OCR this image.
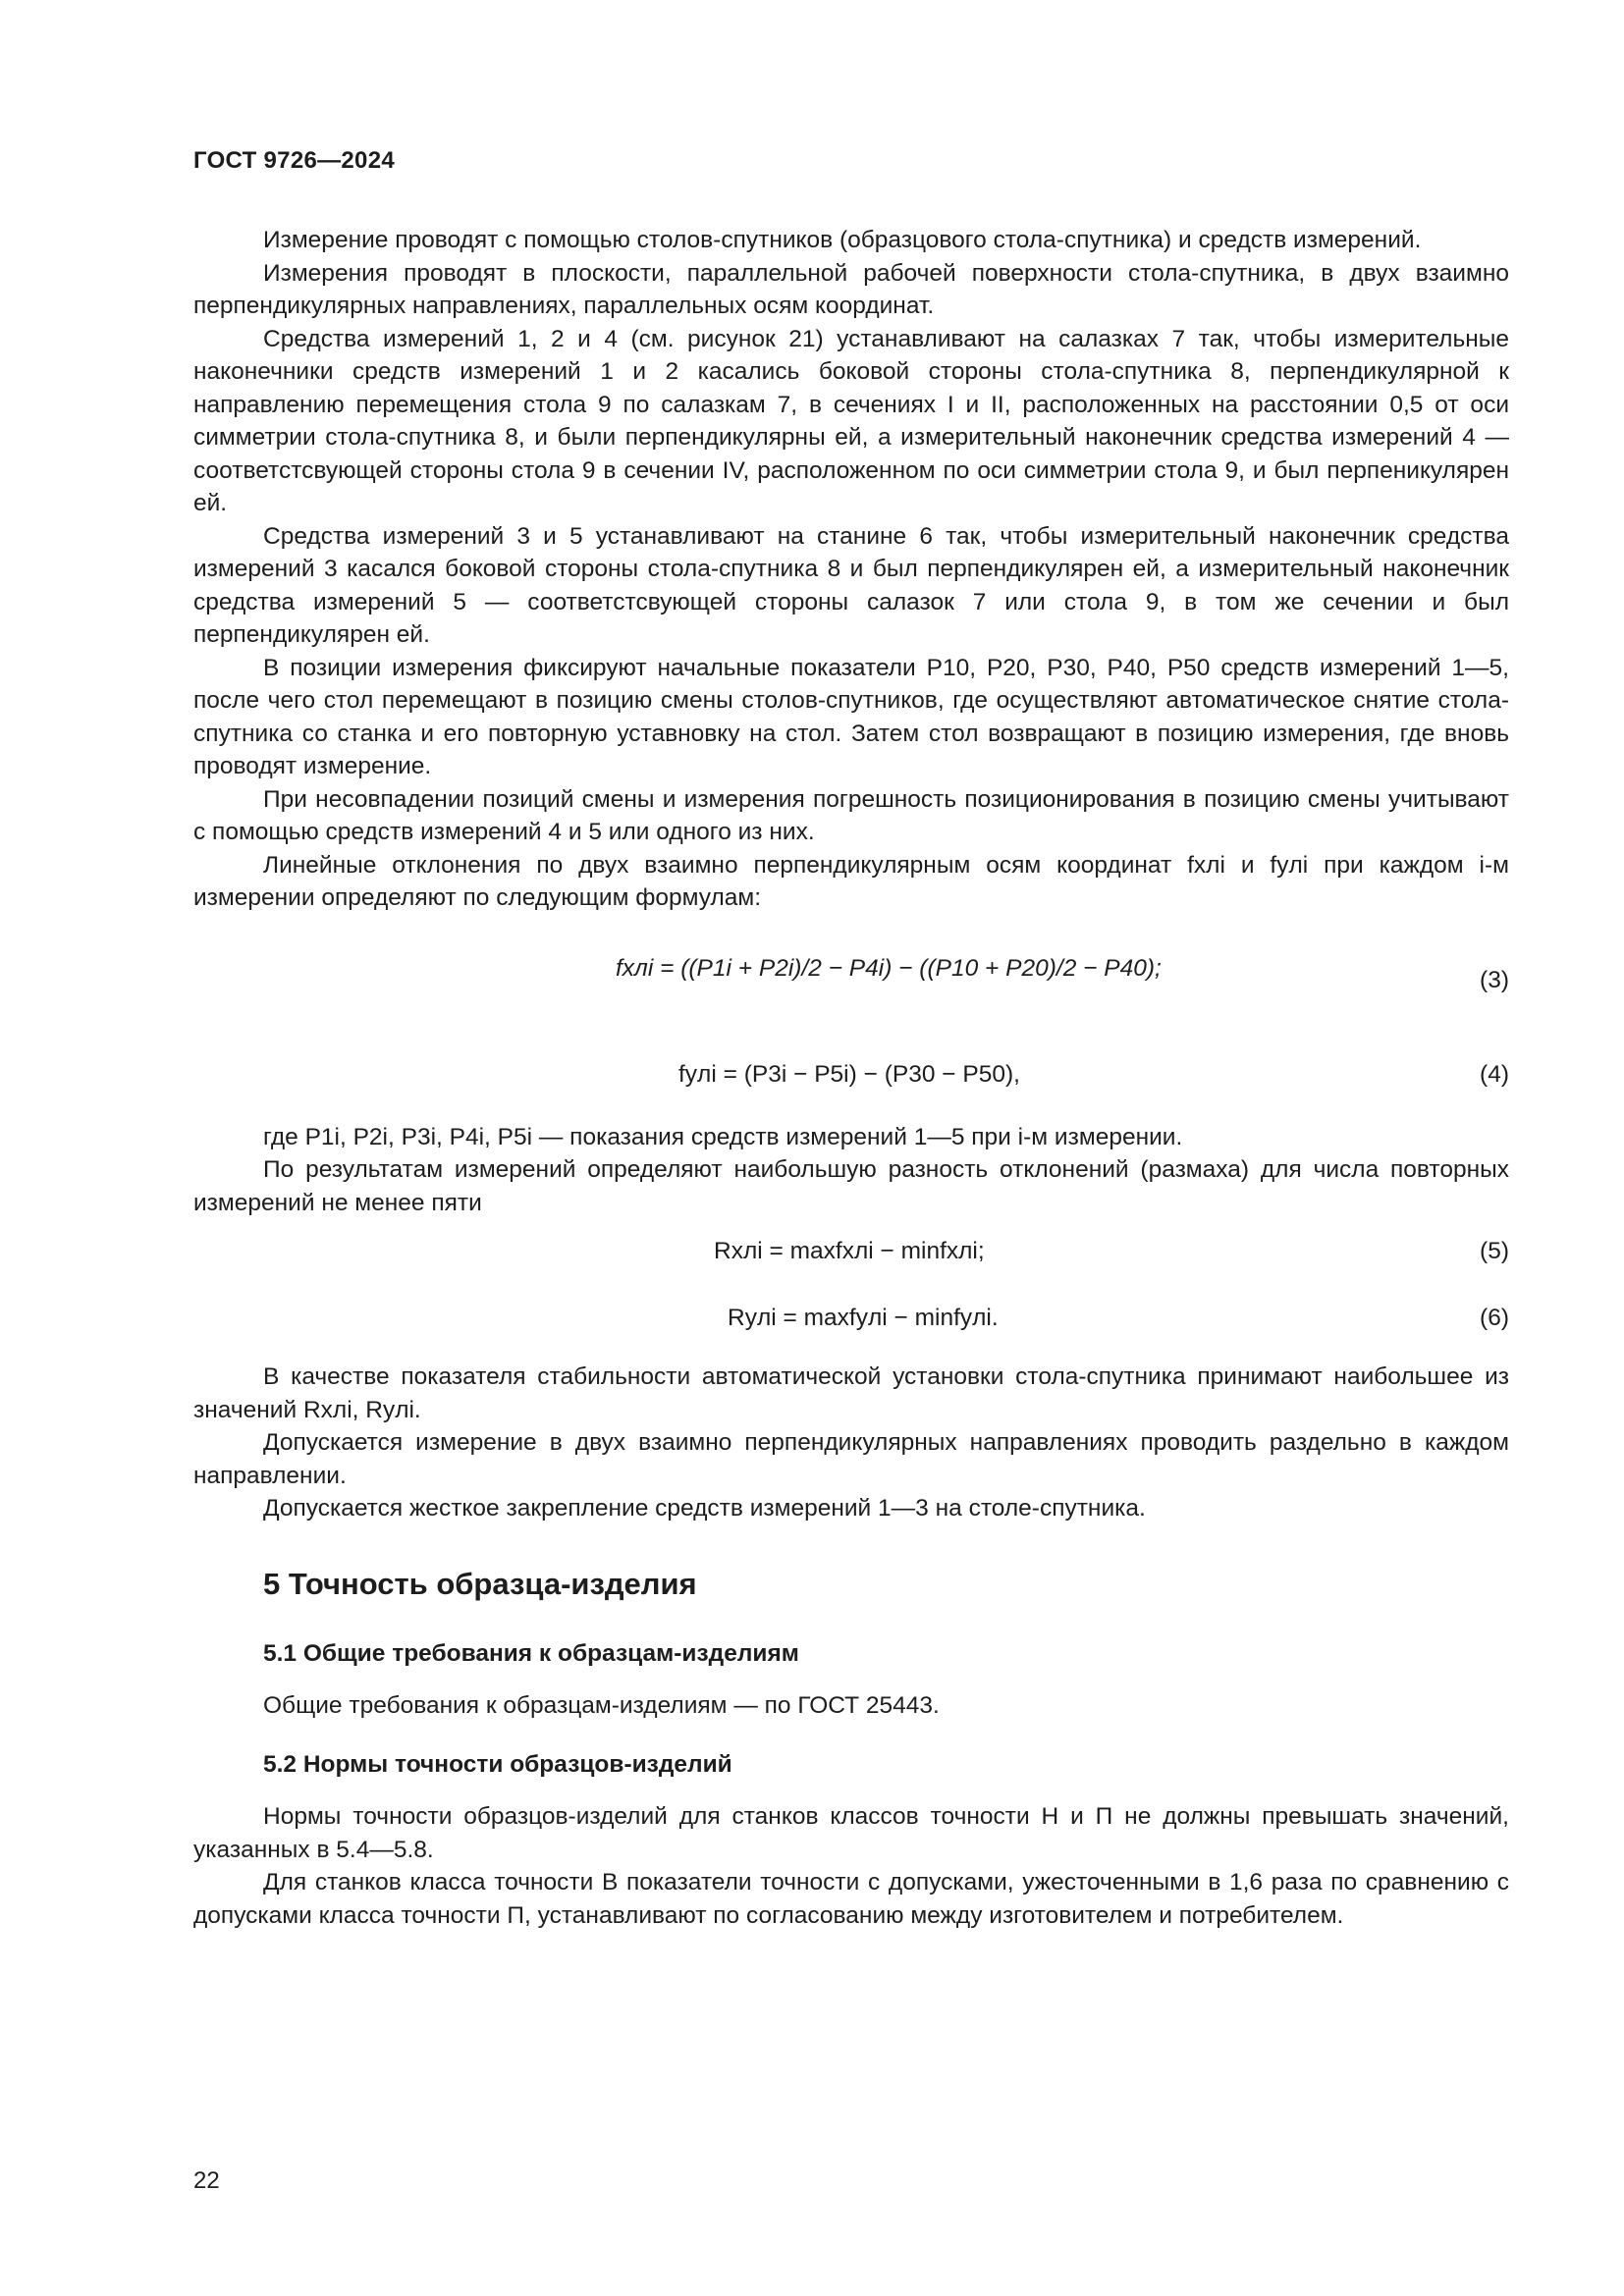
ГОСТ 9726—2024

Измерение проводят с помощью столов-спутников (образцового стола-спутника) и средств измерений.

Измерения проводят в плоскости, параллельной рабочей поверхности стола-спутника, в двух взаимно перпендикулярных направлениях, параллельных осям координат.

Средства измерений 1, 2 и 4 (см. рисунок 21) устанавливают на салазках 7 так, чтобы измерительные наконечники средств измерений 1 и 2 касались боковой стороны стола-спутника 8, перпендикулярной к направлению перемещения стола 9 по салазкам 7, в сечениях I и II, расположенных на расстоянии 0,5 от оси симметрии стола-спутника 8, и были перпендикулярны ей, а измерительный наконечник средства измерений 4 — соответстсвующей стороны стола 9 в сечении IV, расположенном по оси симметрии стола 9, и был перпеникулярен ей.

Средства измерений 3 и 5 устанавливают на станине 6 так, чтобы измерительный наконечник средства измерений 3 касался боковой стороны стола-спутника 8 и был перпендикулярен ей, а измерительный наконечник средства измерений 5 — соответстсвующей стороны салазок 7 или стола 9, в том же сечении и был перпендикулярен ей.

В позиции измерения фиксируют начальные показатели P10, P20, P30, P40, P50 средств измерений 1—5, после чего стол перемещают в позицию смены столов-спутников, где осуществляют автоматическое снятие стола-спутника со станка и его повторную уставновку на стол. Затем стол возвращают в позицию измерения, где вновь проводят измерение.

При несовпадении позиций смены и измерения погрешность позиционирования в позицию смены учитывают с помощью средств измерений 4 и 5 или одного из них.

Линейные отклонения по двух взаимно перпендикулярным осям координат fxлi и fyлi при каждом i-м измерении определяют по следующим формулам:

fxлi = ((P1i + P2i)/2 − P4i) − ((P10 + P20)/2 − P40);	(3)
fyлi = (P3i − P5i) − (P30 − P50),	(4)

где P1i, P2i, P3i, P4i, P5i — показания средств измерений 1—5 при i-м измерении.

По результатам измерений определяют наибольшую разность отклонений (размаха) для числа повторных измерений не менее пяти

Rxлi = maxfxлi − minfxлi;	(5)
Ryлi = maxfyлi − minfyлi.	(6)

В качестве показателя стабильности автоматической установки стола-спутника принимают наибольшее из значений Rxлi, Ryлi.

Допускается измерение в двух взаимно перпендикулярных направлениях проводить раздельно в каждом направлении.

Допускается жесткое закрепление средств измерений 1—3 на столе-спутника.

5 Точность образца-изделия
5.1 Общие требования к образцам-изделиям

Общие требования к образцам-изделиям — по ГОСТ 25443.

5.2 Нормы точности образцов-изделий

Нормы точности образцов-изделий для станков классов точности Н и П не должны превышать значений, указанных в 5.4—5.8.

Для станков класса точности В показатели точности с допусками, ужесточенными в 1,6 раза по сравнению с допусками класса точности П, устанавливают по согласованию между изготовителем и потребителем.

22
